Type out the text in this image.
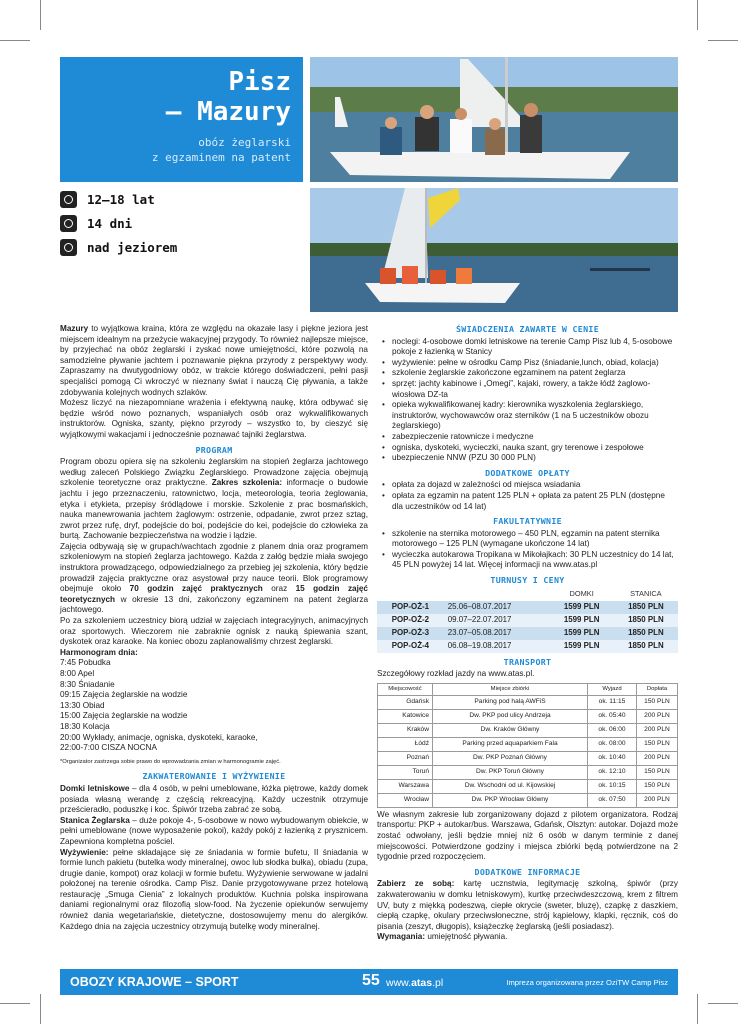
Pisz
– Mazury
obóz żeglarski
z egzaminem na patent
12–18 lat
14 dni
nad jeziorem

Mazury to wyjątkowa kraina, która ze względu na okazałe lasy i piękne jeziora jest miejscem idealnym na przeżycie wakacyjnej przygody. To również najlepsze miejsce, by przyjechać na obóz żeglarski i zyskać nowe umiejętności, które pozwolą na samodzielne pływanie jachtem i poznawanie piękna przyrody z perspektywy wody. Zapraszamy na dwutygodniowy obóz, w trakcie którego doświadczeni, pełni pasji specjaliści pomogą Ci wkroczyć w nieznany świat i nauczą Cię pływania, a także zdobywania kolejnych wodnych szlaków.

Możesz liczyć na niezapomniane wrażenia i efektywną naukę, która odbywać się będzie wśród nowo poznanych, wspaniałych osób oraz wykwalifikowanych instruktorów. Ogniska, szanty, piękno przyrody – wszystko to, by cieszyć się wyjątkowymi wakacjami i jednocześnie poznawać tajniki żeglarstwa.

PROGRAM

Program obozu opiera się na szkoleniu żeglarskim na stopień żeglarza jachtowego według zaleceń Polskiego Związku Żeglarskiego. Prowadzone zajęcia obejmują szkolenie teoretyczne oraz praktyczne. Zakres szkolenia: informacje o budowie jachtu i jego przeznaczeniu, ratownictwo, locja, meteorologia, teoria żeglowania, etyka i etykieta, przepisy śródlądowe i morskie. Szkolenie z prac bosmańskich, nauka manewrowania jachtem żaglowym: ostrzenie, odpadanie, zwrot przez sztag, zwrot przez rufę, dryf, podejście do boi, podejście do kei, podejście do człowieka za burtą. Zachowanie bezpieczeństwa na wodzie i lądzie.

Zajęcia odbywają się w grupach/wachtach zgodnie z planem dnia oraz programem szkoleniowym na stopień żeglarza jachtowego. Każda z załóg będzie miała swojego instruktora prowadzącego, odpowiedzialnego za przebieg jej szkolenia, który będzie prowadził zajęcia praktyczne oraz asystował przy nauce teorii. Blok programowy obejmuje około 70 godzin zajęć praktycznych oraz 15 godzin zajęć teoretycznych w okresie 13 dni, zakończony egzaminem na patent żeglarza jachtowego.

Po za szkoleniem uczestnicy biorą udział w zajęciach integracyjnych, animacyjnych oraz sportowych. Wieczorem nie zabraknie ognisk z nauką śpiewania szant, dyskotek oraz karaoke. Na koniec obozu zaplanowaliśmy chrzest żeglarski.

Harmonogram dnia:

7:45 Pobudka

8:00 Apel

8:30 Śniadanie

09:15 Zajęcia żeglarskie na wodzie

13:30 Obiad

15:00 Zajęcia żeglarskie na wodzie

18:30 Kolacja

20:00 Wykłady, animacje, ogniska, dyskoteki, karaoke,

22:00-7:00 CISZA NOCNA

*Organizator zastrzega sobie prawo do wprowadzania zmian w harmonogramie zajęć.

ZAKWATEROWANIE I WYŻYWIENIE

Domki letniskowe – dla 4 osób, w pełni umeblowane, łóżka piętrowe, każdy domek posiada własną werandę z częścią rekreacyjną. Każdy uczestnik otrzymuje prześcieradło, poduszkę i koc. Śpiwór trzeba zabrać ze sobą.

Stanica Żeglarska – duże pokoje 4-, 5-osobowe w nowo wybudowanym obiekcie, w pełni umeblowane (nowe wyposażenie pokoi), każdy pokój z łazienką z prysznicem. Zapewniona kompletna pościel.

Wyżywienie: pełne składające się ze śniadania w formie bufetu, II śniadania w formie lunch pakietu (butelka wody mineralnej, owoc lub słodka bułka), obiadu (zupa, drugie danie, kompot) oraz kolacji w formie bufetu. Wyżywienie serwowane w jadalni położonej na terenie ośrodka. Camp Pisz. Danie przygotowywane przez hotelową restaurację „Smuga Cienia” z lokalnych produktów. Kuchnia polska inspirowana daniami regionalnymi oraz filozofią slow-food. Na życzenie opiekunów serwujemy również dania wegetariańskie, dietetyczne, dostosowujemy menu do alergików. Każdego dnia na zajęcia uczestnicy otrzymują butelkę wody mineralnej.

ŚWIADCZENIA ZAWARTE W CENIE
• noclegi: 4-osobowe domki letniskowe na terenie Camp Pisz lub 4, 5-osobowe pokoje z łazienką w Stanicy
• wyżywienie: pełne w ośrodku Camp Pisz (śniadanie,lunch, obiad, kolacja)
• szkolenie żeglarskie zakończone egzaminem na patent żeglarza
• sprzęt: jachty kabinowe i „Omegi”, kajaki, rowery, a także łódź żaglowo-wiosłowa DZ-ta
• opieka wykwalifikowanej kadry: kierownika wyszkolenia żeglarskiego, instruktorów, wychowawców oraz sterników (1 na 5 uczestników obozu żeglarskiego)
• zabezpieczenie ratownicze i medyczne
• ogniska, dyskoteki, wycieczki, nauka szant, gry terenowe i zespołowe
• ubezpieczenie NNW (PZU 30 000 PLN)
DODATKOWE OPŁATY
• opłata za dojazd w zależności od miejsca wsiadania
• opłata za egzamin na patent 125 PLN + opłata za patent 25 PLN (dostępne dla uczestników od 14 lat)
FAKULTATYWNIE
• szkolenie na sternika motorowego – 450 PLN, egzamin na patent sternika motorowego – 125 PLN (wymagane ukończone 14 lat)
• wycieczka autokarowa Tropikana w Mikołajkach: 30 PLN uczestnicy do 14 lat, 45 PLN powyżej 14 lat. Więcej informacji na www.atas.pl
TURNUSY I CENY
		DOMKI	STANICA
POP-OŻ-1	25.06–08.07.2017	1599 PLN	1850 PLN
POP-OŻ-2	09.07–22.07.2017	1599 PLN	1850 PLN
POP-OŻ-3	23.07–05.08.2017	1599 PLN	1850 PLN
POP-OŻ-4	06.08–19.08.2017	1599 PLN	1850 PLN
TRANSPORT

Szczegółowy rozkład jazdy na www.atas.pl.

Miejscowość	Miejsce zbiórki	Wyjazd	Dopłata
Gdańsk	Parking pod halą AWFiS	ok. 11:15	150 PLN
Katowice	Dw. PKP pod ulicy Andrzeja	ok. 05:40	200 PLN
Kraków	Dw. Kraków Główny	ok. 06:00	200 PLN
Łódź	Parking przed aquaparkiem Fala	ok. 08:00	150 PLN
Poznań	Dw. PKP Poznań Główny	ok. 10:40	200 PLN
Toruń	Dw. PKP Toruń Główny	ok. 12:10	150 PLN
Warszawa	Dw. Wschodni od ul. Kijowskiej	ok. 10:15	150 PLN
Wrocław	Dw. PKP Wrocław Główny	ok. 07:50	200 PLN

We własnym zakresie lub zorganizowany dojazd z pilotem organizatora. Rodzaj transportu: PKP + autokar/bus. Warszawa, Gdańsk, Olsztyn: autokar. Dojazd może zostać odwołany, jeśli będzie mniej niż 6 osób w danym terminie z danej miejscowości. Potwierdzone godziny i miejsca zbiórki będą potwierdzone na 2 tygodnie przed rozpoczęciem.

DODATKOWE INFORMACJE

Zabierz ze sobą: kartę ucznstwia, legitymację szkolną, śpiwór (przy zakwaterowaniu w domku letniskowym), kurtkę przeciwdeszczową, krem z filtrem UV, buty z miękką podeszwą, ciepłe okrycie (sweter, bluzę), czapkę z daszkiem, ciepłą czapkę, okulary przeciwsłoneczne, strój kąpielowy, klapki, ręcznik, coś do pisania (zeszyt, długopis), książeczkę żeglarską (jeśli posiadasz).

Wymagania: umiejętność pływania.

OBOZY KRAJOWE – SPORT	55 www.atas.pl	Impreza organizowana przez OziTW Camp Pisz
